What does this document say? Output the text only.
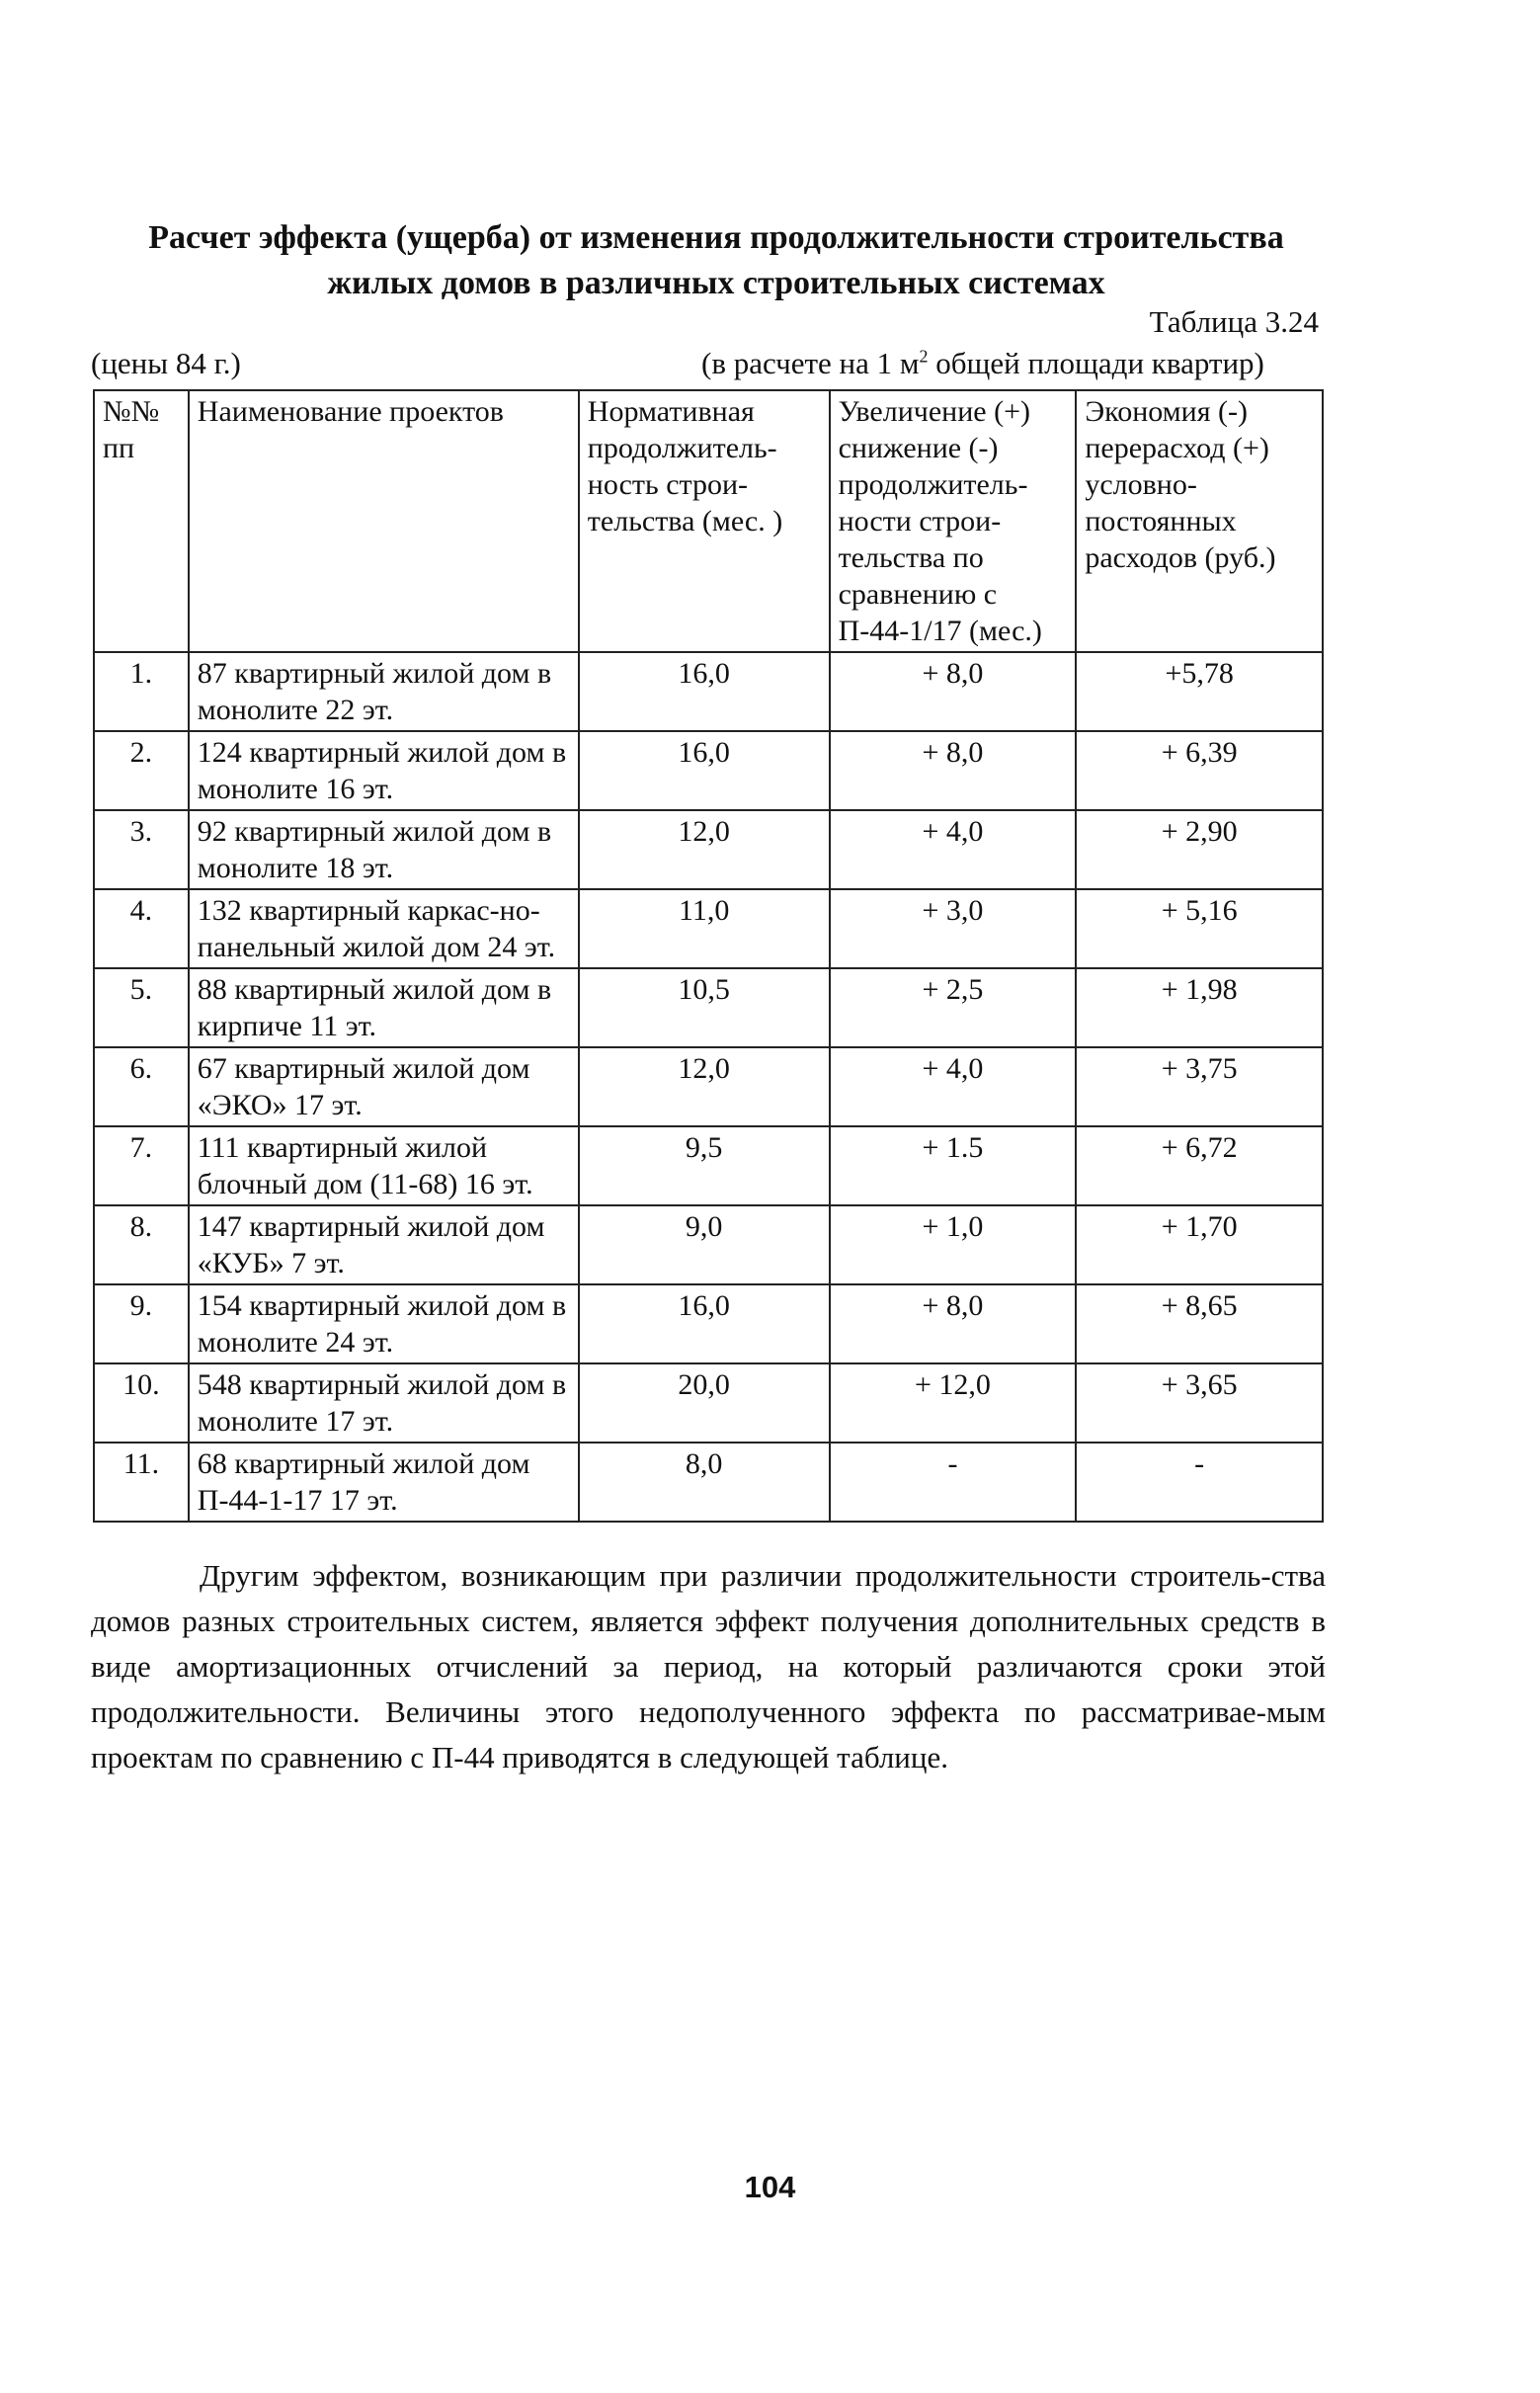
Расчет эффекта (ущерба) от изменения продолжительности строительства
жилых домов в различных строительных системах
Таблица 3.24
(цены 84 г.)	(в расчете на 1 $м^2$ общей площади квартир)
№№ пп	Наименование проектов	Нормативная продолжитель-ность строи-тельства (мес. )	Увеличение (+) снижение (-) продолжитель-ности строи-тельства по сравнению с П-44-1/17 (мес.)	Экономия (-) перерасход (+) условно-постоянных расходов (руб.)
1.	87 квартирный жилой дом в монолите 22 эт.	16,0	+ 8,0	+5,78
2.	124 квартирный жилой дом в монолите 16 эт.	16,0	+ 8,0	+ 6,39
3.	92 квартирный жилой дом в монолите 18 эт.	12,0	+ 4,0	+ 2,90
4.	132 квартирный каркас-но-панельный жилой дом 24 эт.	11,0	+ 3,0	+ 5,16
5.	88 квартирный жилой дом в кирпиче 11 эт.	10,5	+ 2,5	+ 1,98
6.	67 квартирный жилой дом «ЭКО» 17 эт.	12,0	+ 4,0	+ 3,75
7.	111 квартирный жилой блочный дом (11-68) 16 эт.	9,5	+ 1.5	+ 6,72
8.	147 квартирный жилой дом «КУБ» 7 эт.	9,0	+ 1,0	+ 1,70
9.	154 квартирный жилой дом в монолите 24 эт.	16,0	+ 8,0	+ 8,65
10.	548 квартирный жилой дом в монолите 17 эт.	20,0	+ 12,0	+ 3,65
11.	68 квартирный жилой дом П-44-1-17 17 эт.	8,0	-	-
Другим эффектом, возникающим при различии продолжительности строитель-ства домов разных строительных систем, является эффект получения дополнительных средств в виде амортизационных отчислений за период, на который различаются сроки этой продолжительности. Величины этого недополученного эффекта по рассматривае-мым проектам по сравнению с П-44 приводятся в следующей таблице.
104
